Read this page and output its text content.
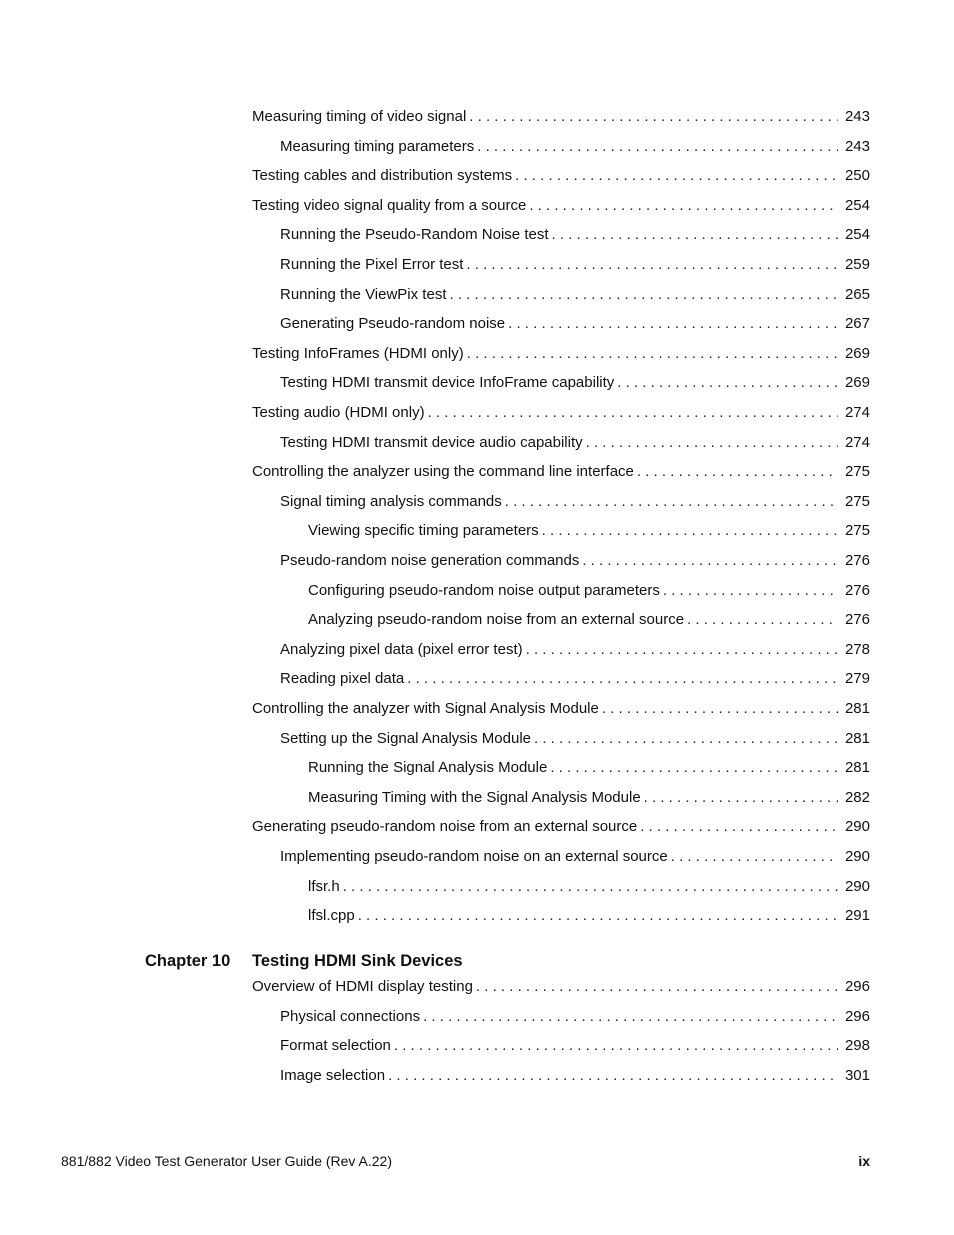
Measuring timing of video signal . . .	243
Measuring timing parameters . . .	243
Testing cables and distribution systems . . .	250
Testing video signal quality from a source . . .	254
Running the Pseudo-Random Noise test . . .	254
Running the Pixel Error test . . .	259
Running the ViewPix test . . .	265
Generating Pseudo-random noise . . .	267
Testing InfoFrames (HDMI only) . . .	269
Testing HDMI transmit device InfoFrame capability . . .	269
Testing audio (HDMI only) . . .	274
Testing HDMI transmit device audio capability . . .	274
Controlling the analyzer using the command line interface . . .	275
Signal timing analysis commands . . .	275
Viewing specific timing parameters . . .	275
Pseudo-random noise generation commands . . .	276
Configuring pseudo-random noise output parameters . . .	276
Analyzing pseudo-random noise from an external source . . .	276
Analyzing pixel data (pixel error test) . . .	278
Reading pixel data . . .	279
Controlling the analyzer with Signal Analysis Module . . .	281
Setting up the Signal Analysis Module . . .	281
Running the Signal Analysis Module . . .	281
Measuring Timing with the Signal Analysis Module . . .	282
Generating pseudo-random noise from an external source . . .	290
Implementing pseudo-random noise on an external source . . .	290
lfsr.h . . .	290
lfsl.cpp . . .	291
Chapter 10 Testing HDMI Sink Devices
Overview of HDMI display testing . . .	296
Physical connections . . .	296
Format selection . . .	298
Image selection . . .	301
881/882 Video Test Generator User Guide (Rev A.22)	ix
